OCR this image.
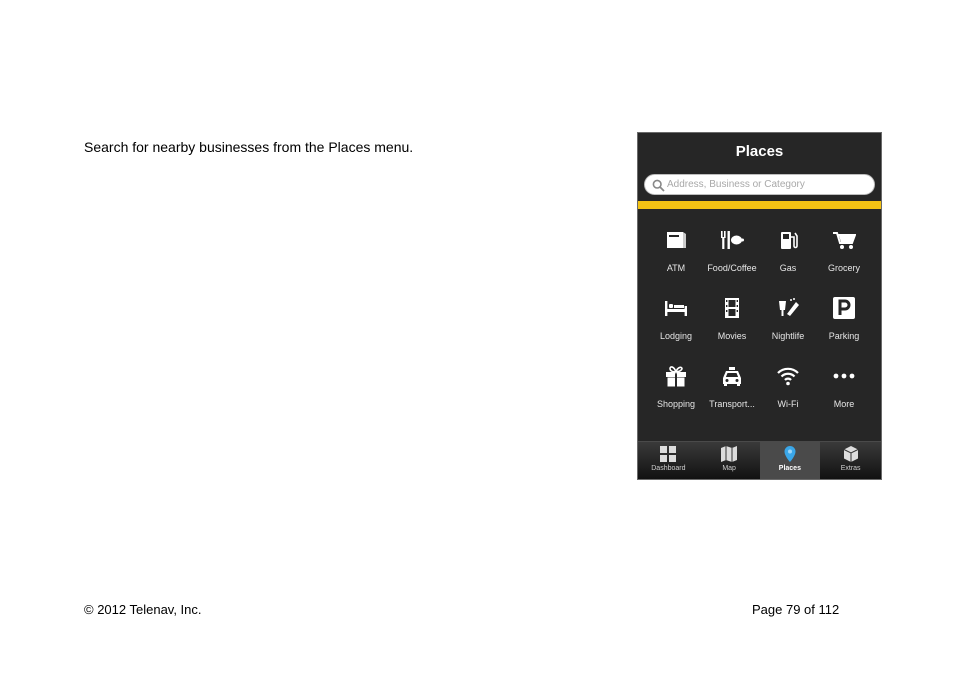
Search for nearby businesses from the Places menu.	Places
Address, Business or Category
ATM Food/Coffee	Gas	Grocery
Lodging	Movies	Nightlife	Parking
Shopping Transport...	Wi-Fi	More
Dashboard	Map	Places	Extras
© 2012 Telenav, Inc.	Page 79 of 112
